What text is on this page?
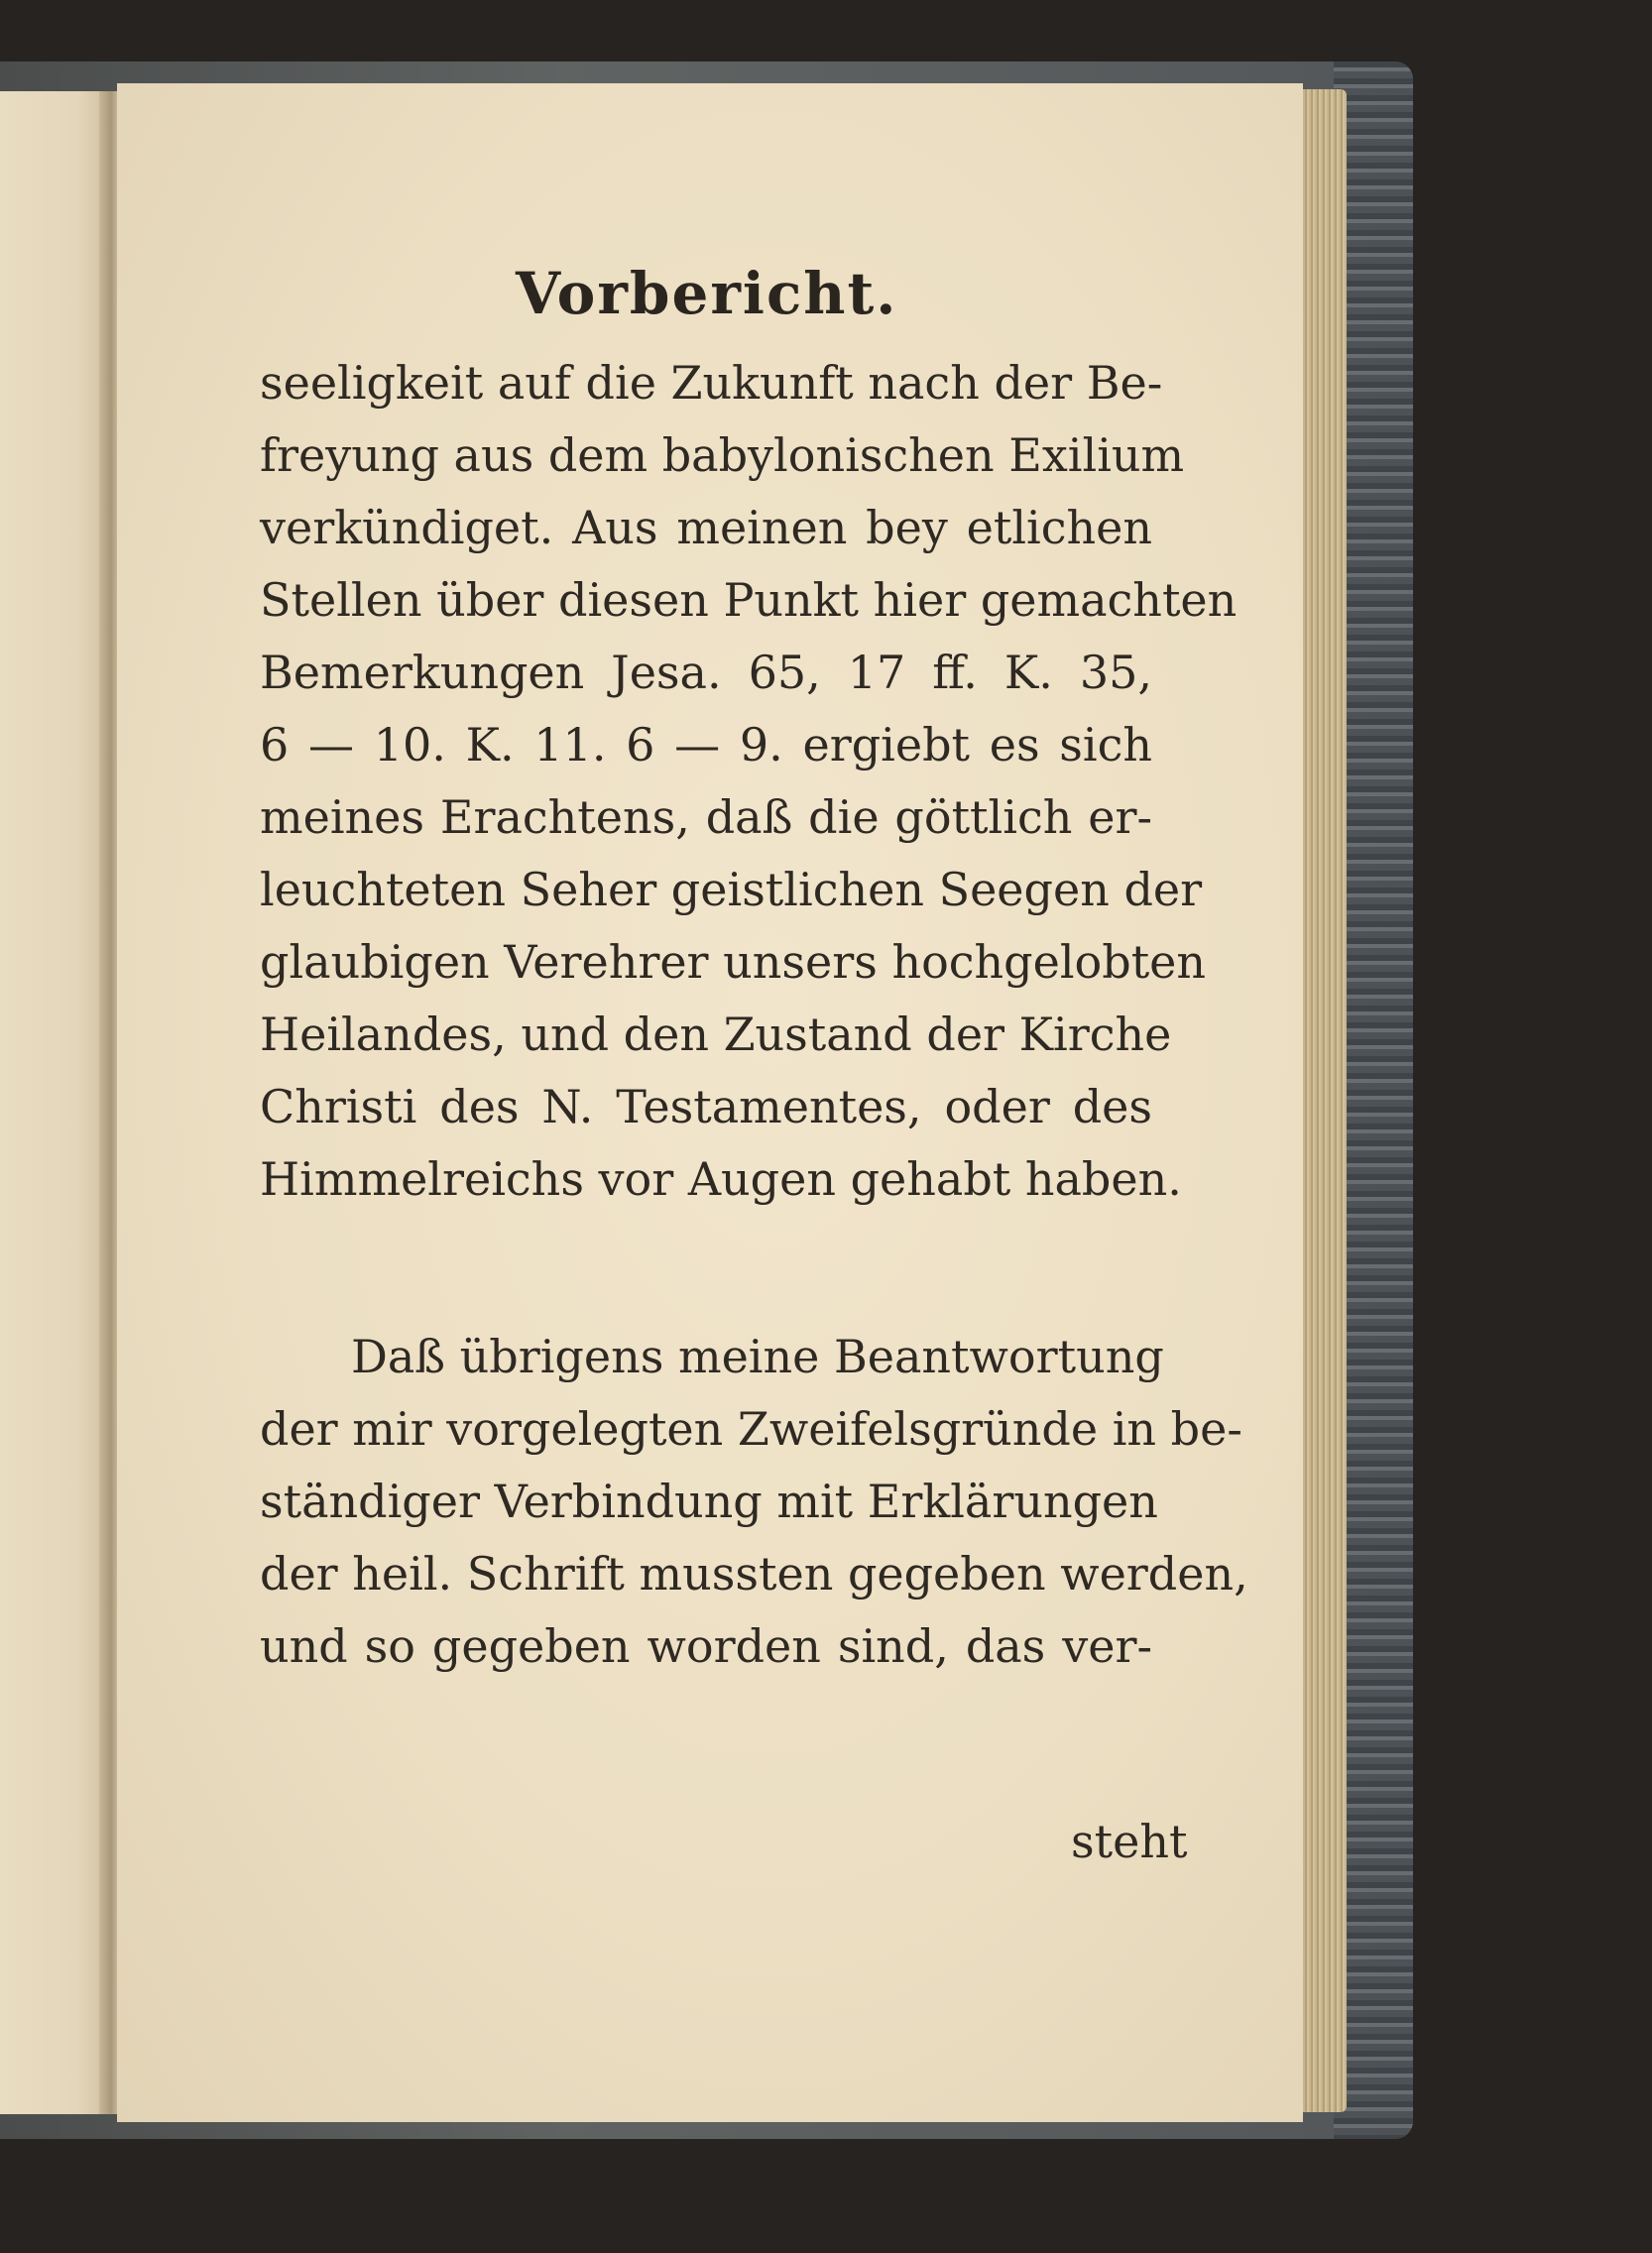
Vorbericht.
seeligkeit auf die Zukunft nach der Be-
freyung aus dem babylonischen Exilium
verkündiget. Aus meinen bey etlichen
Stellen über diesen Punkt hier gemachten
Bemerkungen Jesa. 65, 17 ff. K. 35,
6 — 10. K. 11. 6 — 9. ergiebt es sich
meines Erachtens, daß die göttlich er-
leuchteten Seher geistlichen Seegen der
glaubigen Verehrer unsers hochgelobten
Heilandes, und den Zustand der Kirche
Christi des N. Testamentes, oder des
Himmelreichs vor Augen gehabt haben.
Daß übrigens meine Beantwortung
der mir vorgelegten Zweifelsgründe in be-
ständiger Verbindung mit Erklärungen
der heil. Schrift mussten gegeben werden,
und so gegeben worden sind, das ver-
steht
